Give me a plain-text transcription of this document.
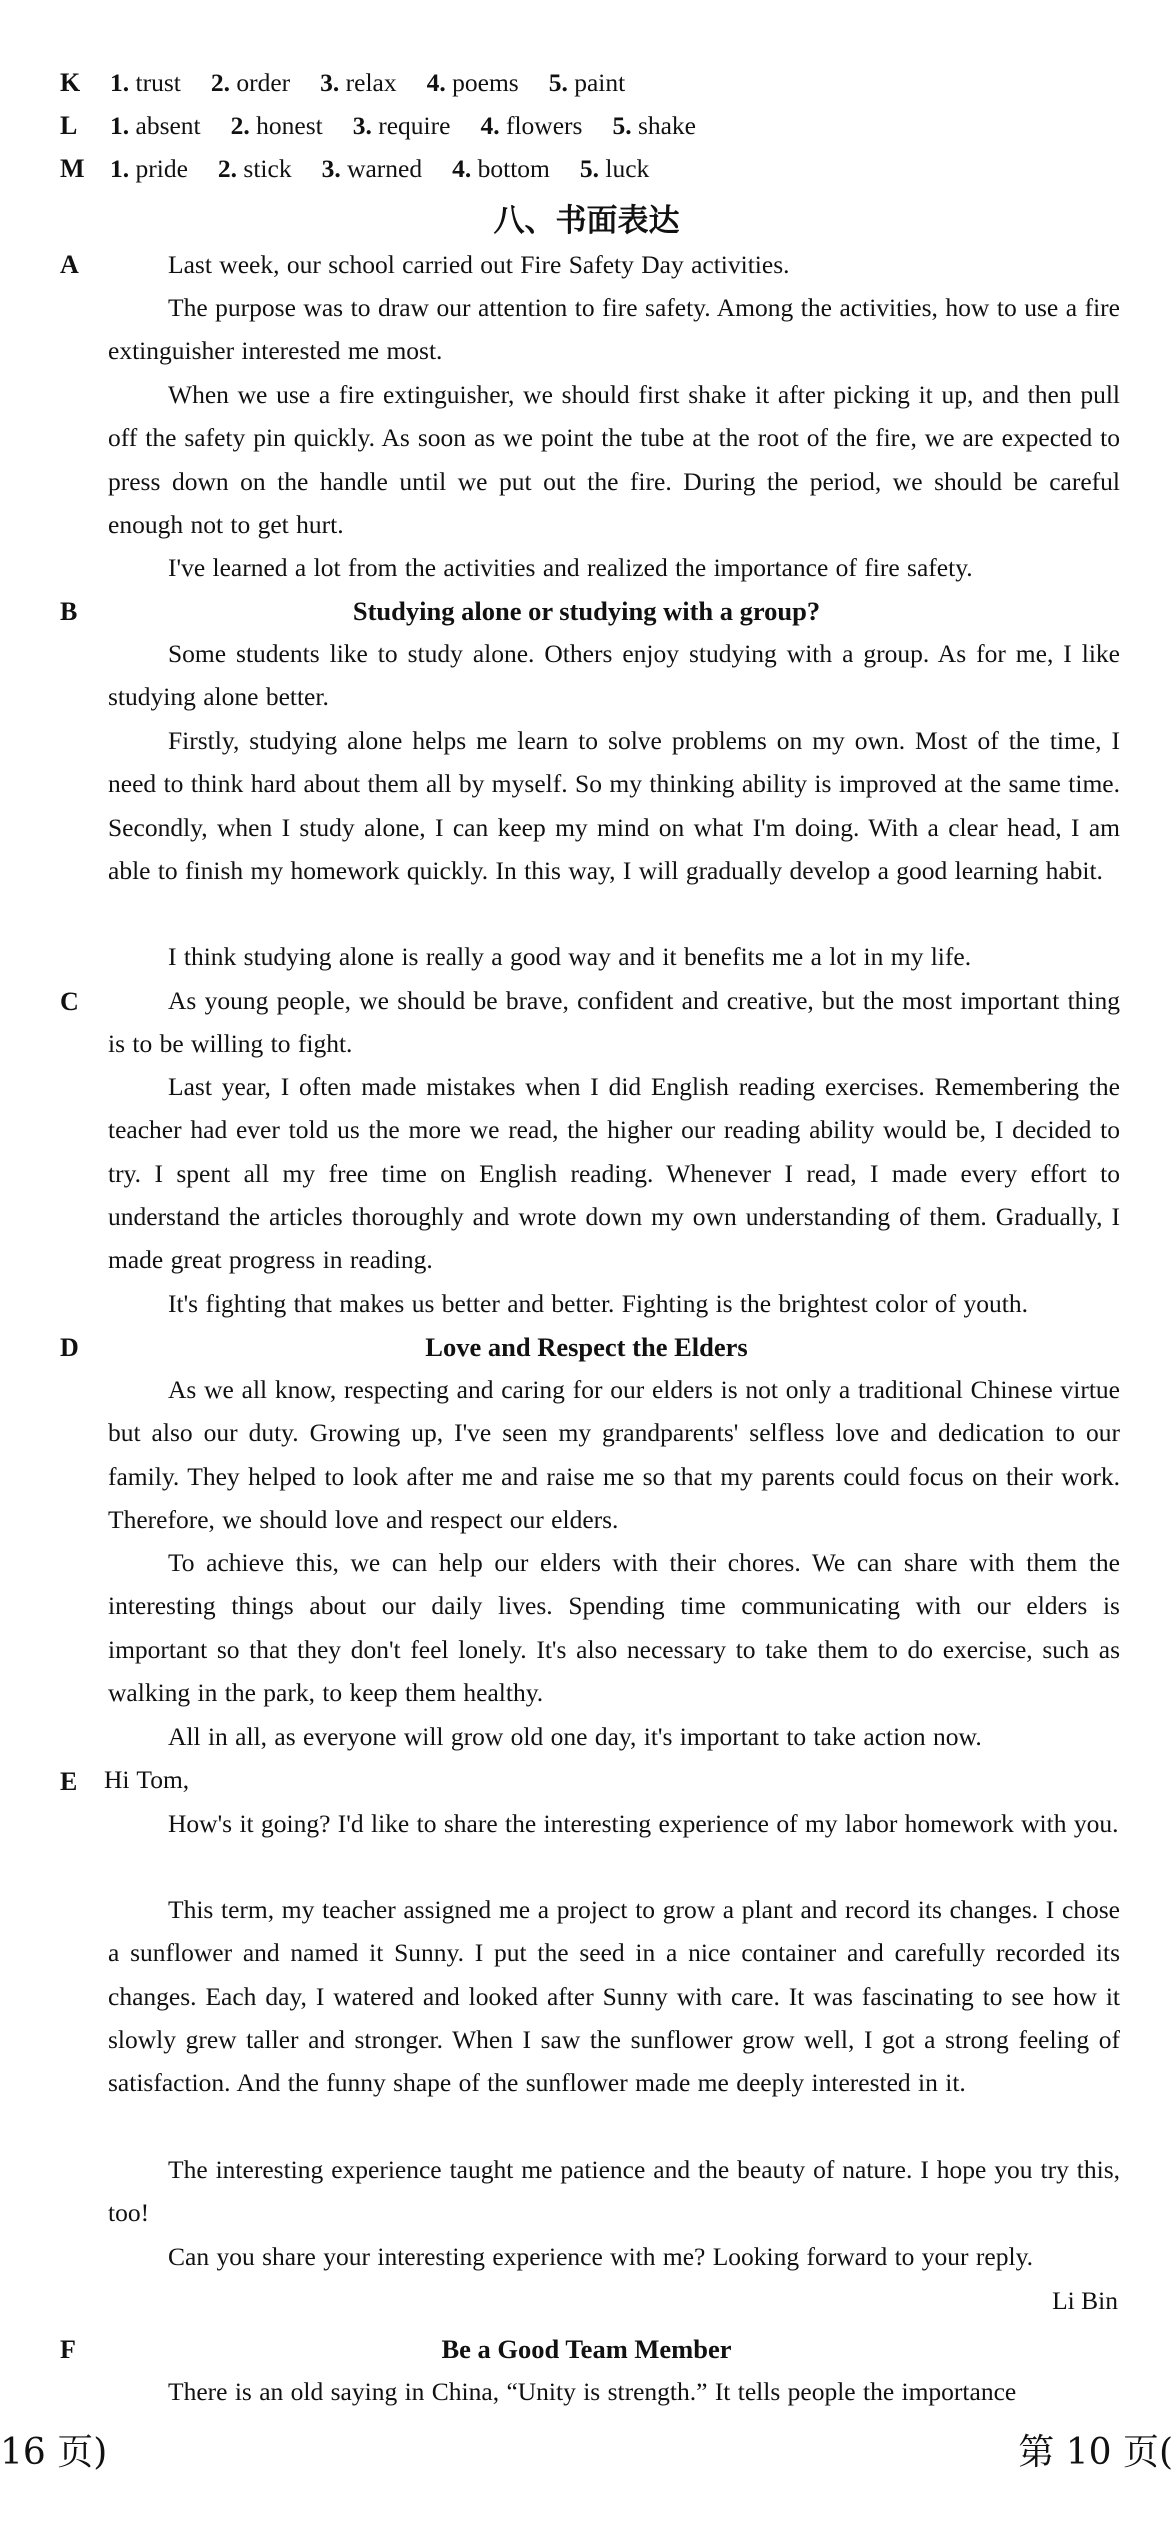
K	1. trust 2. order 3. relax 4. poems 5. paint
L	1. absent 2. honest 3. require 4. flowers 5. shake
M 1. pride 2. stick 3. warned 4. bottom 5. luck
八、书面表达
A	Last week, our school carried out Fire Safety Day activities.

The purpose was to draw our attention to fire safety. Among the activities, how to use a fire extinguisher interested me most.

When we use a fire extinguisher, we should first shake it after picking it up, and then pull off the safety pin quickly. As soon as we point the tube at the root of the fire, we are expected to press down on the handle until we put out the fire. During the period, we should be careful enough not to get hurt.

I've learned a lot from the activities and realized the importance of fire safety.

B	Studying alone or studying with a group?

Some students like to study alone. Others enjoy studying with a group. As for me, I like studying alone better.

Firstly, studying alone helps me learn to solve problems on my own. Most of the time, I need to think hard about them all by myself. So my thinking ability is improved at the same time. Secondly, when I study alone, I can keep my mind on what I'm doing. With a clear head, I am able to finish my homework quickly. In this way, I will gradually develop a good learning habit.

I think studying alone is really a good way and it benefits me a lot in my life.

C	As young people, we should be brave, confident and creative, but the most important thing is to be willing to fight.

Last year, I often made mistakes when I did English reading exercises. Remembering the teacher had ever told us the more we read, the higher our reading ability would be, I decided to try. I spent all my free time on English reading. Whenever I read, I made every effort to understand the articles thoroughly and wrote down my own understanding of them. Gradually, I made great progress in reading.

It's fighting that makes us better and better. Fighting is the brightest color of youth.

D	Love and Respect the Elders

As we all know, respecting and caring for our elders is not only a traditional Chinese virtue but also our duty. Growing up, I've seen my grandparents' selfless love and dedication to our family. They helped to look after me and raise me so that my parents could focus on their work. Therefore, we should love and respect our elders.

To achieve this, we can help our elders with their chores. We can share with them the interesting things about our daily lives. Spending time communicating with our elders is important so that they don't feel lonely. It's also necessary to take them to do exercise, such as walking in the park, to keep them healthy.

All in all, as everyone will grow old one day, it's important to take action now.

E Hi Tom,

How's it going? I'd like to share the interesting experience of my labor homework with you.

This term, my teacher assigned me a project to grow a plant and record its changes. I chose a sunflower and named it Sunny. I put the seed in a nice container and carefully recorded its changes. Each day, I watered and looked after Sunny with care. It was fascinating to see how it slowly grew taller and stronger. When I saw the sunflower grow well, I got a strong feeling of satisfaction. And the funny shape of the sunflower made me deeply interested in it.

The interesting experience taught me patience and the beauty of nature. I hope you try this, too!

Can you share your interesting experience with me? Looking forward to your reply.

Li Bin
F	Be a Good Team Member

There is an old saying in China, “Unity is strength.” It tells people the importance

16 页)	第 10 页(
